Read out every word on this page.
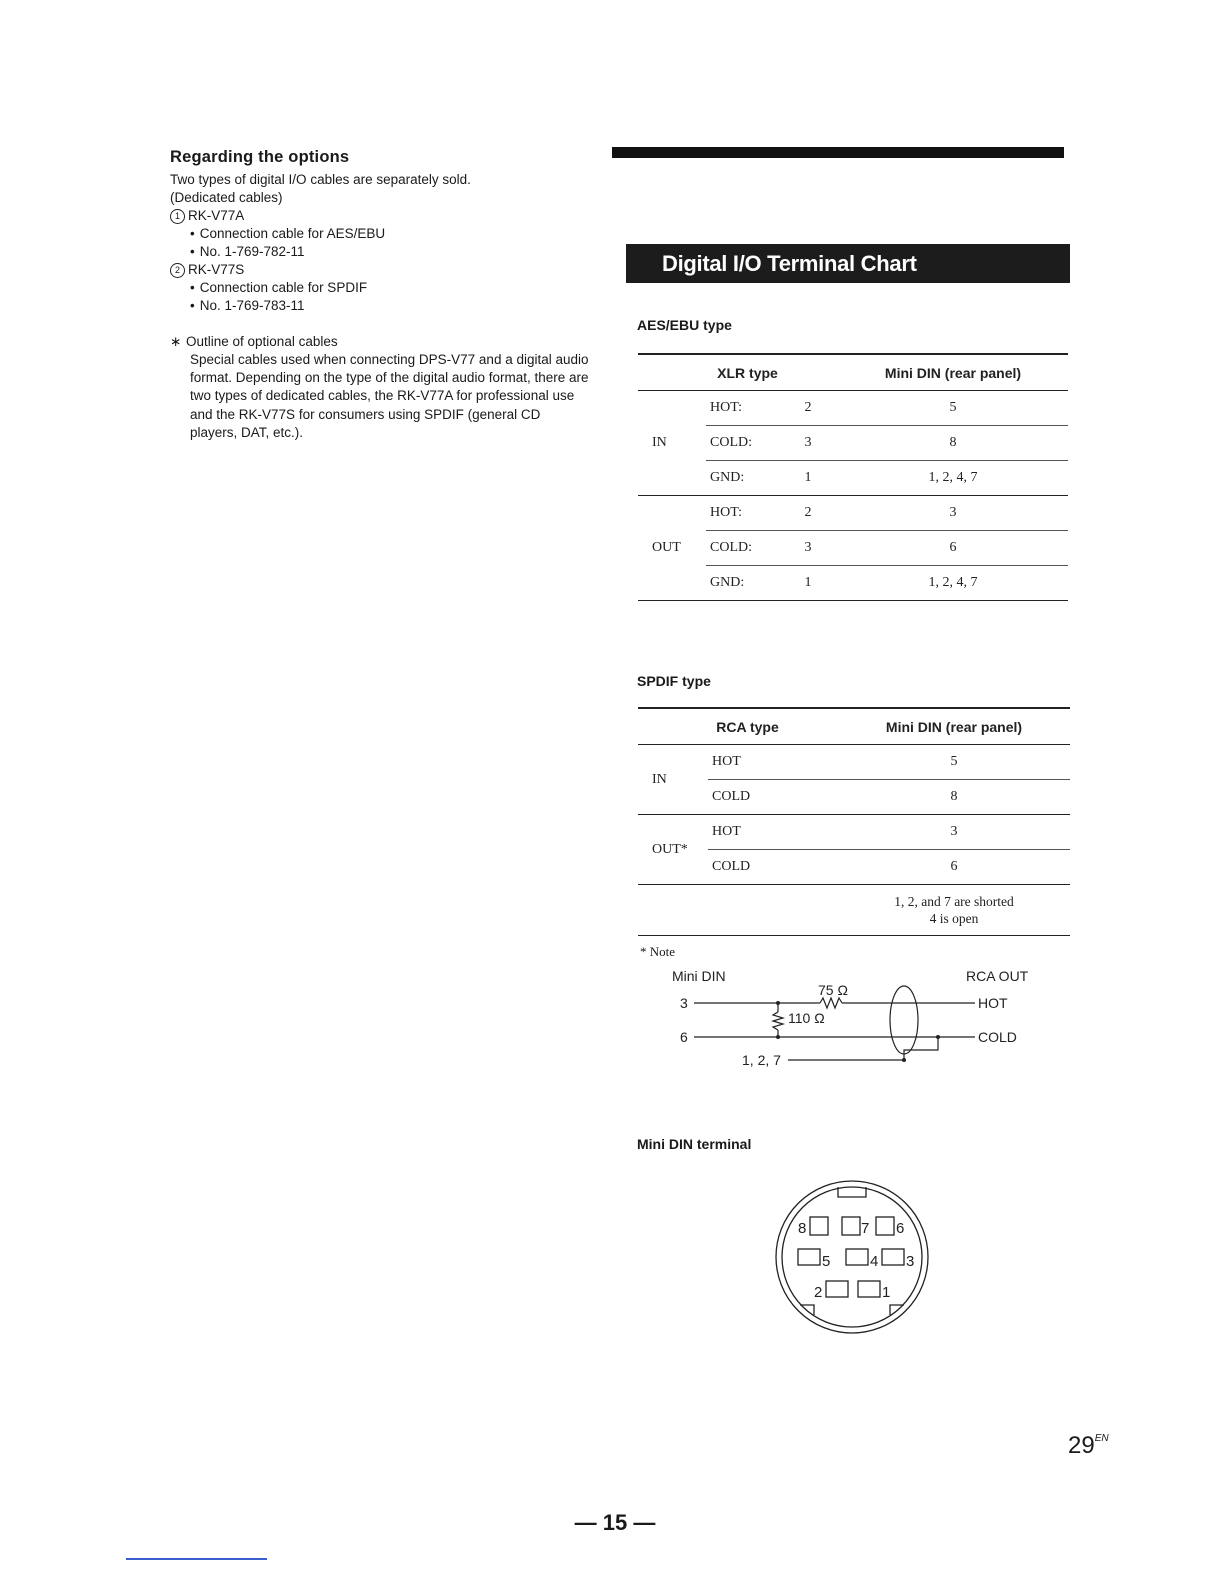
Regarding the options

Two types of digital I/O cables are separately sold.

(Dedicated cables)

1 RK-V77A

• Connection cable for AES/EBU

• No. 1-769-782-11

2 RK-V77S

• Connection cable for SPDIF

• No. 1-769-783-11

∗ Outline of optional cables

Special cables used when connecting DPS-V77 and a digital audio format. Depending on the type of the digital audio format, there are two types of dedicated cables, the RK-V77A for professional use and the RK-V77S for consumers using SPDIF (general CD players, DAT, etc.).

Digital I/O Terminal Chart
AES/EBU type
XLR type			Mini DIN (rear panel)
IN	HOT:	2	5
	COLD:	3	8
	GND:	1	1, 2, 4, 7
OUT	HOT:	2	3
	COLD:	3	6
	GND:	1	1, 2, 4, 7
SPDIF type
RCA type		Mini DIN (rear panel)
IN	HOT	5
	COLD	8
OUT*	HOT	3
	COLD	6

		1, 2, and 7 are shorted
4 is open
* Note
Mini DIN	RCA OUT
75 Ω
3
6
110 Ω
1, 2, 7
HOT
COLD
Mini DIN terminal
8	7 6
5	4 3
2	1
$29^{EN}$
— 15 —
